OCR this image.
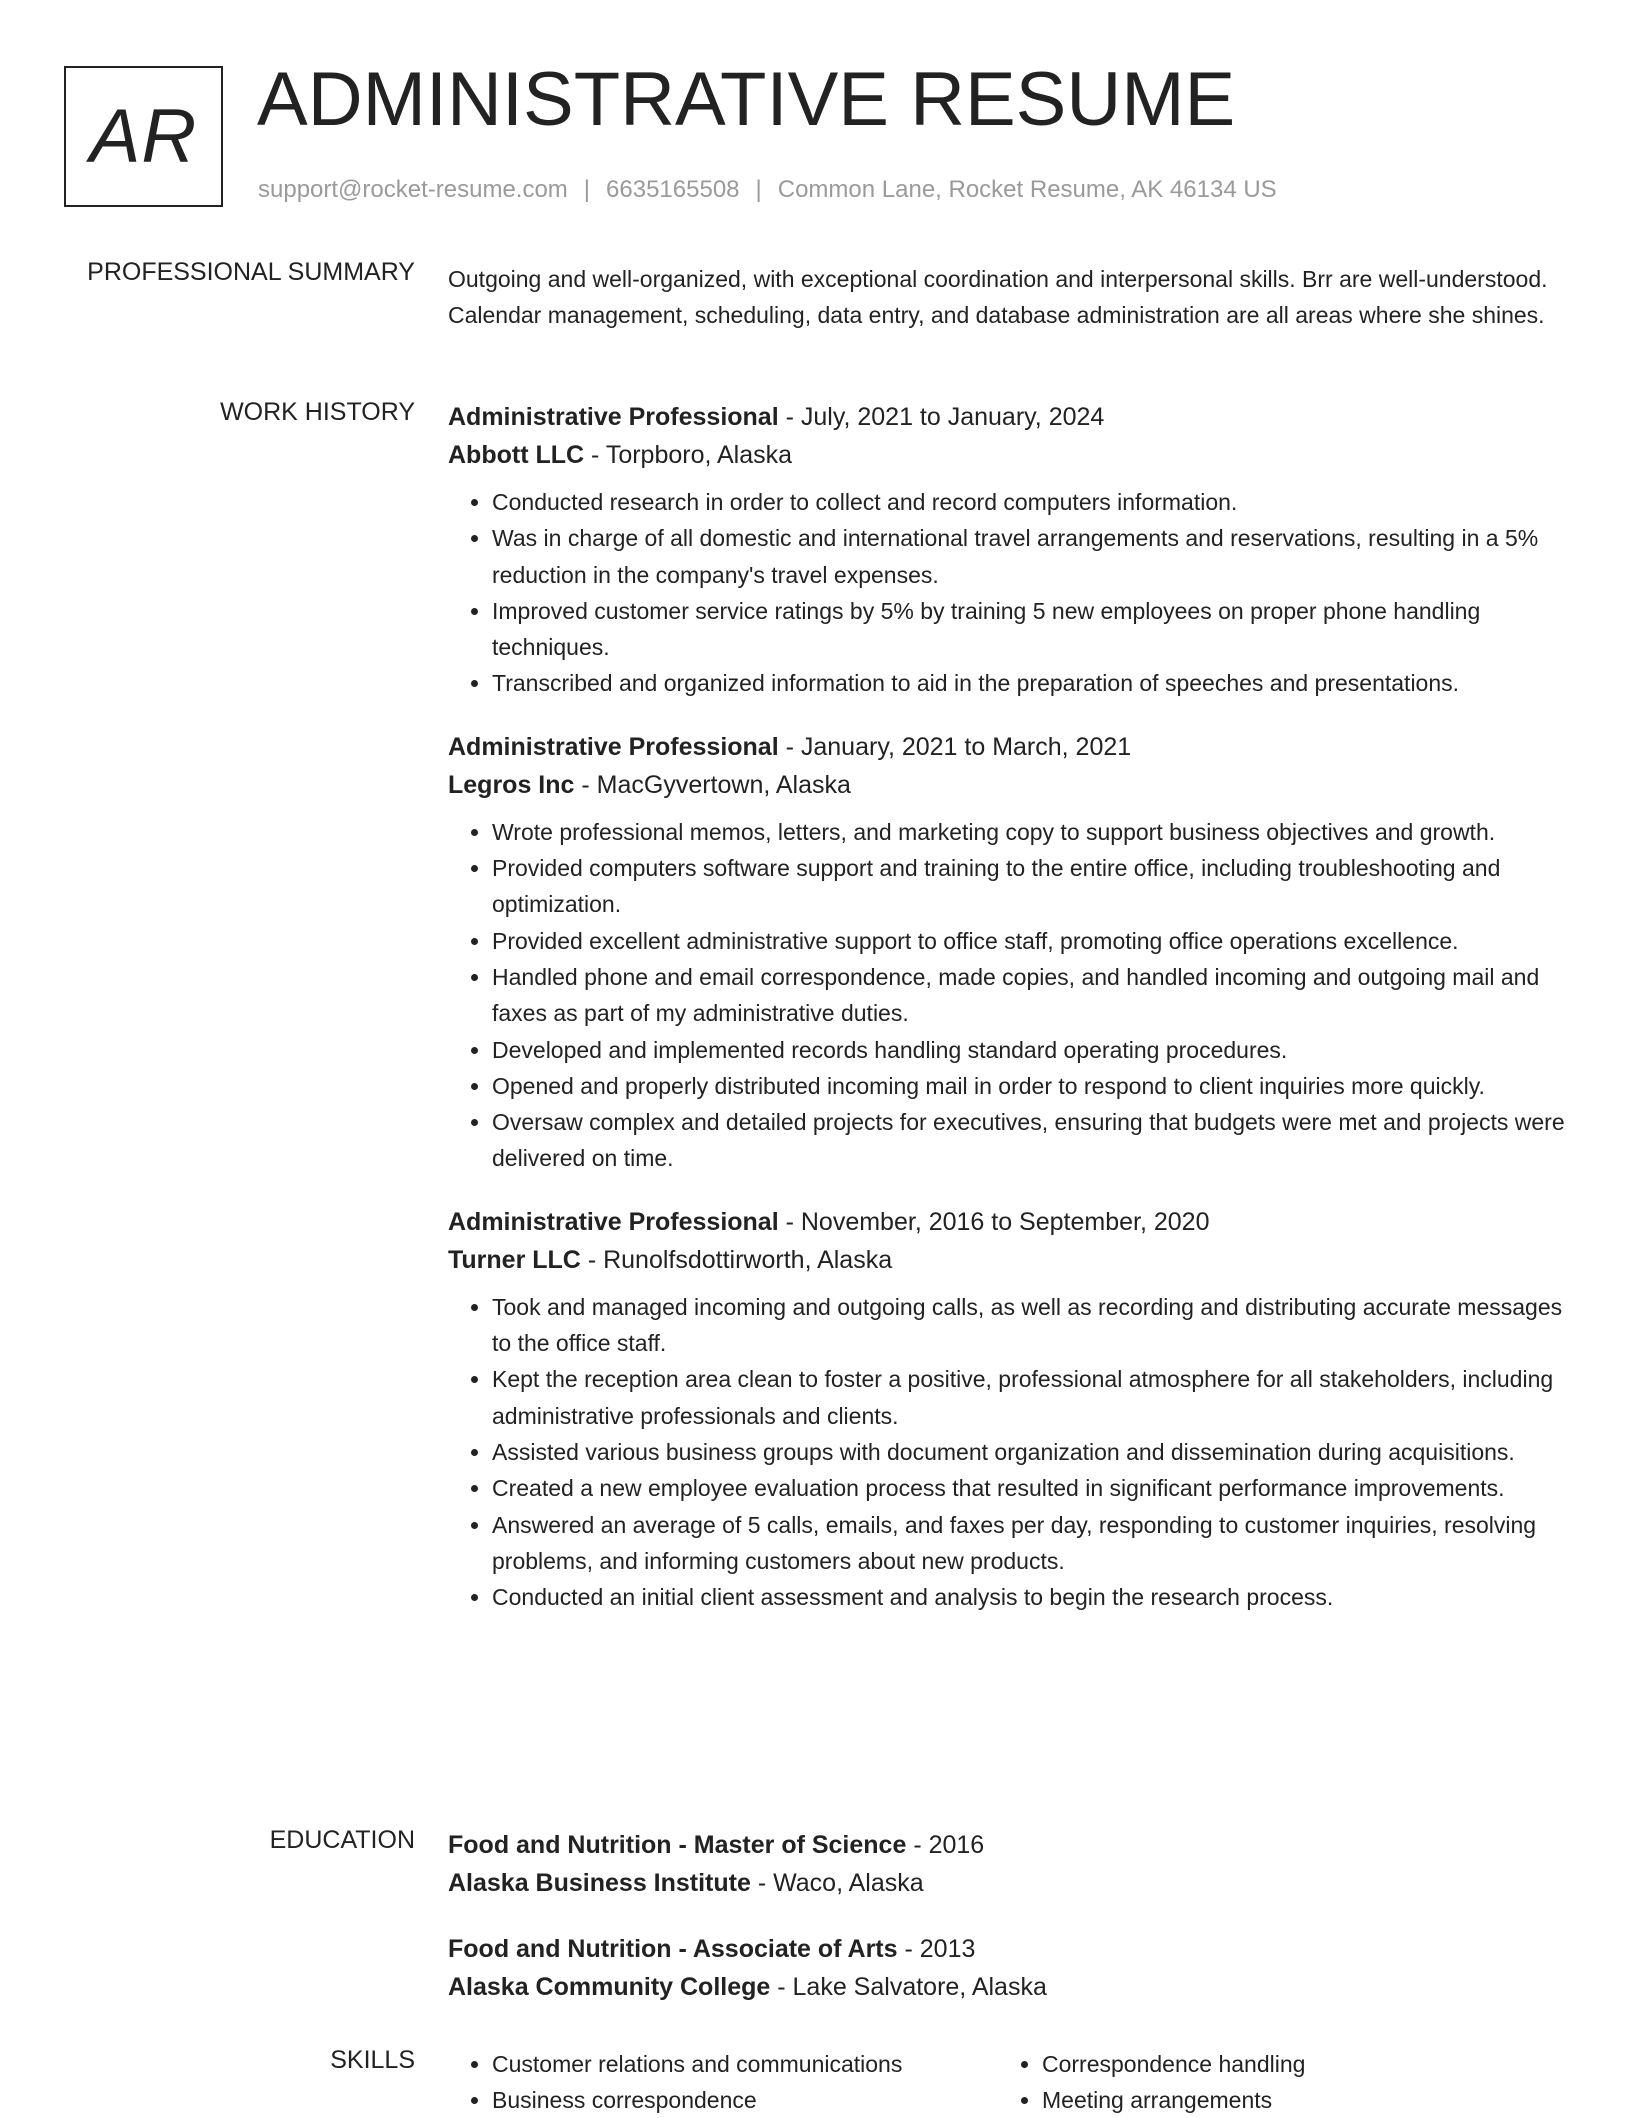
AR ADMINISTRATIVE RESUME
support@rocket-resume.com | 6635165508 | Common Lane, Rocket Resume, AK 46134 US
PROFESSIONAL SUMMARY Outgoing and well-organized, with exceptional coordination and interpersonal skills. Brr are well-understood. Calendar management, scheduling, data entry, and database administration are all areas where she shines.

WORK HISTORY Administrative Professional - July, 2021 to January, 2024
Abbott LLC - Torpboro, Alaska
• Conducted research in order to collect and record computers information.
• Was in charge of all domestic and international travel arrangements and reservations, resulting in a 5% reduction in the company's travel expenses.
• Improved customer service ratings by 5% by training 5 new employees on proper phone handling techniques.
• Transcribed and organized information to aid in the preparation of speeches and presentations.
Administrative Professional - January, 2021 to March, 2021
Legros Inc - MacGyvertown, Alaska
• Wrote professional memos, letters, and marketing copy to support business objectives and growth.
• Provided computers software support and training to the entire office, including troubleshooting and optimization.
• Provided excellent administrative support to office staff, promoting office operations excellence.
• Handled phone and email correspondence, made copies, and handled incoming and outgoing mail and faxes as part of my administrative duties.
• Developed and implemented records handling standard operating procedures.
• Opened and properly distributed incoming mail in order to respond to client inquiries more quickly.
• Oversaw complex and detailed projects for executives, ensuring that budgets were met and projects were delivered on time.
Administrative Professional - November, 2016 to September, 2020
Turner LLC - Runolfsdottirworth, Alaska
• Took and managed incoming and outgoing calls, as well as recording and distributing accurate messages to the office staff.
• Kept the reception area clean to foster a positive, professional atmosphere for all stakeholders, including administrative professionals and clients.
• Assisted various business groups with document organization and dissemination during acquisitions.
• Created a new employee evaluation process that resulted in significant performance improvements.
• Answered an average of 5 calls, emails, and faxes per day, responding to customer inquiries, resolving problems, and informing customers about new products.
• Conducted an initial client assessment and analysis to begin the research process.
EDUCATION Food and Nutrition - Master of Science - 2016
Alaska Business Institute - Waco, Alaska
Food and Nutrition - Associate of Arts - 2013
Alaska Community College - Lake Salvatore, Alaska
SKILLS
•	Customer relations and communications
• Business correspondence
• Correspondence handling
• Meeting arrangements
